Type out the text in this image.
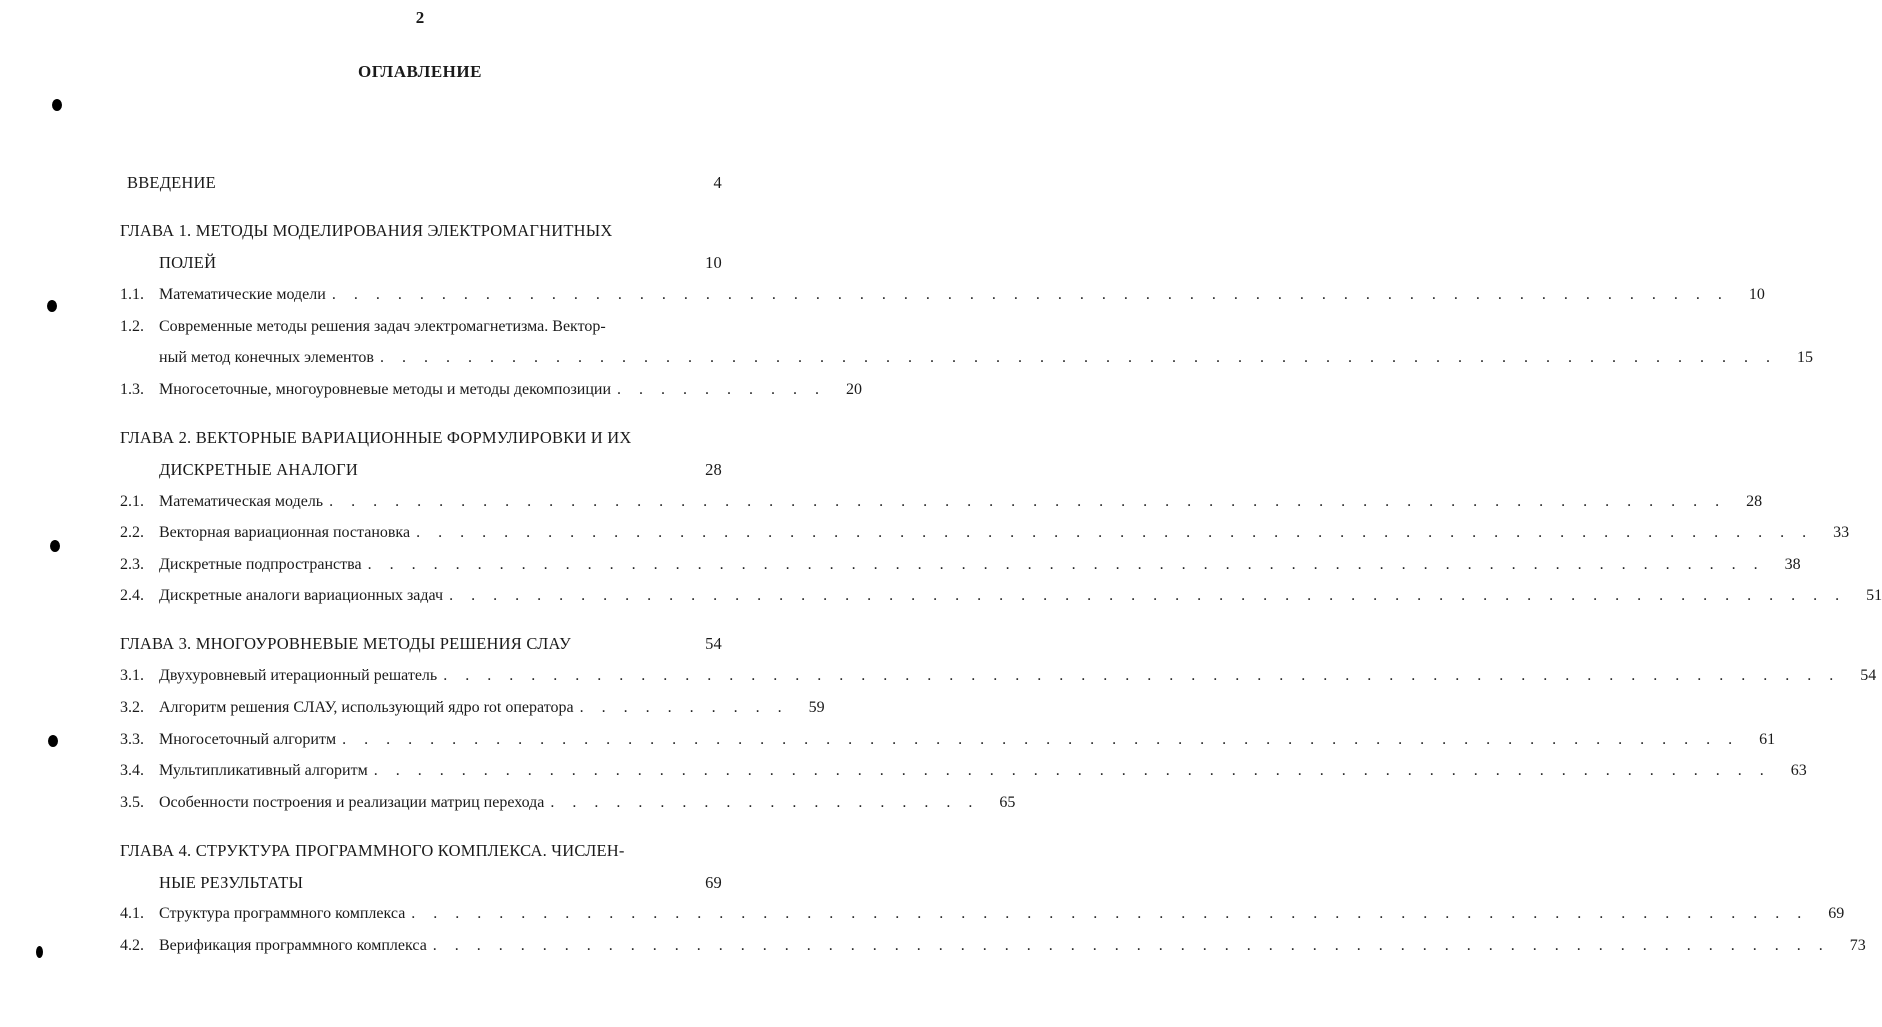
2
ОГЛАВЛЕНИЕ
ВВЕДЕНИЕ	4
ГЛАВА 1. МЕТОДЫ МОДЕЛИРОВАНИЯ ЭЛЕКТРОМАГНИТНЫХ
ПОЛЕЙ	10
1.1. Математические модели . . . . . . . . . . . . . . . . . . . . . . . . . . . . . . . . . . . . . . . . . . . . . . . . . . . . . . . . . . . . . . . .	10
1.2. Современные методы решения задач электромагнетизма. Вектор-
ный метод конечных элементов . . . . . . . . . . . . . . . . . . . . . . . . . . . . . . . . . . . . . . . . . . . . . . . . . . . . . . . . . . . . . . . .	15
1.3. Многосеточные, многоуровневые методы и методы декомпозиции . . . . . . . . . .	20
ГЛАВА 2. ВЕКТОРНЫЕ ВАРИАЦИОННЫЕ ФОРМУЛИРОВКИ И ИХ
ДИСКРЕТНЫЕ АНАЛОГИ	28
2.1. Математическая модель . . . . . . . . . . . . . . . . . . . . . . . . . . . . . . . . . . . . . . . . . . . . . . . . . . . . . . . . . . . . . . . .	28
2.2. Векторная вариационная постановка . . . . . . . . . . . . . . . . . . . . . . . . . . . . . . . . . . . . . . . . . . . . . . . . . . . . . . . . . . . . . . . .	33
2.3. Дискретные подпространства . . . . . . . . . . . . . . . . . . . . . . . . . . . . . . . . . . . . . . . . . . . . . . . . . . . . . . . . . . . . . . . .	38
2.4. Дискретные аналоги вариационных задач . . . . . . . . . . . . . . . . . . . . . . . . . . . . . . . . . . . . . . . . . . . . . . . . . . . . . . . . . . . . . . . .	51
ГЛАВА 3. МНОГОУРОВНЕВЫЕ МЕТОДЫ РЕШЕНИЯ СЛАУ	54
3.1. Двухуровневый итерационный решатель . . . . . . . . . . . . . . . . . . . . . . . . . . . . . . . . . . . . . . . . . . . . . . . . . . . . . . . . . . . . . . . .	54
3.2. Алгоритм решения СЛАУ, использующий ядро rot оператора . . . . . . . . . .	59
3.3. Многосеточный алгоритм . . . . . . . . . . . . . . . . . . . . . . . . . . . . . . . . . . . . . . . . . . . . . . . . . . . . . . . . . . . . . . . .	61
3.4. Мультипликативный алгоритм . . . . . . . . . . . . . . . . . . . . . . . . . . . . . . . . . . . . . . . . . . . . . . . . . . . . . . . . . . . . . . . .	63
3.5. Особенности построения и реализации матриц перехода . . . . . . . . . . . . . . . . . . . .	65
ГЛАВА 4. СТРУКТУРА ПРОГРАММНОГО КОМПЛЕКСА. ЧИСЛЕН-
НЫЕ РЕЗУЛЬТАТЫ	69
4.1. Структура программного комплекса . . . . . . . . . . . . . . . . . . . . . . . . . . . . . . . . . . . . . . . . . . . . . . . . . . . . . . . . . . . . . . . .	69
4.2. Верификация программного комплекса . . . . . . . . . . . . . . . . . . . . . . . . . . . . . . . . . . . . . . . . . . . . . . . . . . . . . . . . . . . . . . . .	73
